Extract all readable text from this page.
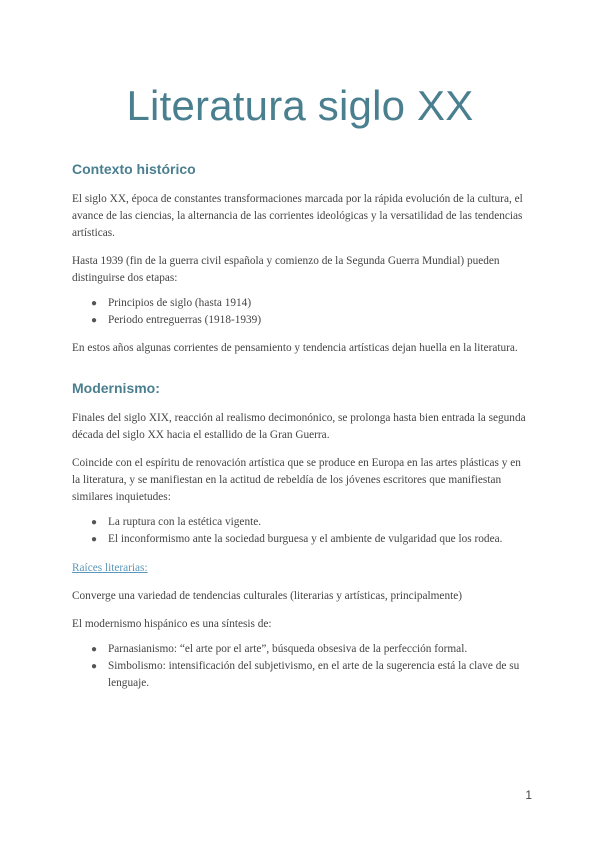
Literatura siglo XX
Contexto histórico

El siglo XX, época de constantes transformaciones marcada por la rápida evolución de la cultura, el avance de las ciencias, la alternancia de las corrientes ideológicas y la versatilidad de las tendencias artísticas.

Hasta 1939 (fin de la guerra civil española y comienzo de la Segunda Guerra Mundial) pueden distinguirse dos etapas:

● Principios de siglo (hasta 1914)
● Periodo entreguerras (1918-1939)

En estos años algunas corrientes de pensamiento y tendencia artísticas dejan huella en la literatura.

Modernismo:

Finales del siglo XIX, reacción al realismo decimonónico, se prolonga hasta bien entrada la segunda década del siglo XX hacia el estallido de la Gran Guerra.

Coincide con el espíritu de renovación artística que se produce en Europa en las artes plásticas y en la literatura, y se manifiestan en la actitud de rebeldía de los jóvenes escritores que manifiestan similares inquietudes:

● La ruptura con la estética vigente.
● El inconformismo ante la sociedad burguesa y el ambiente de vulgaridad que los rodea.

Raíces literarias:

Converge una variedad de tendencias culturales (literarias y artísticas, principalmente)

El modernismo hispánico es una síntesis de:

● Parnasianismo: “el arte por el arte”, búsqueda obsesiva de la perfección formal.
● Simbolismo: intensificación del subjetivismo, en el arte de la sugerencia está la clave de su lenguaje.
1
